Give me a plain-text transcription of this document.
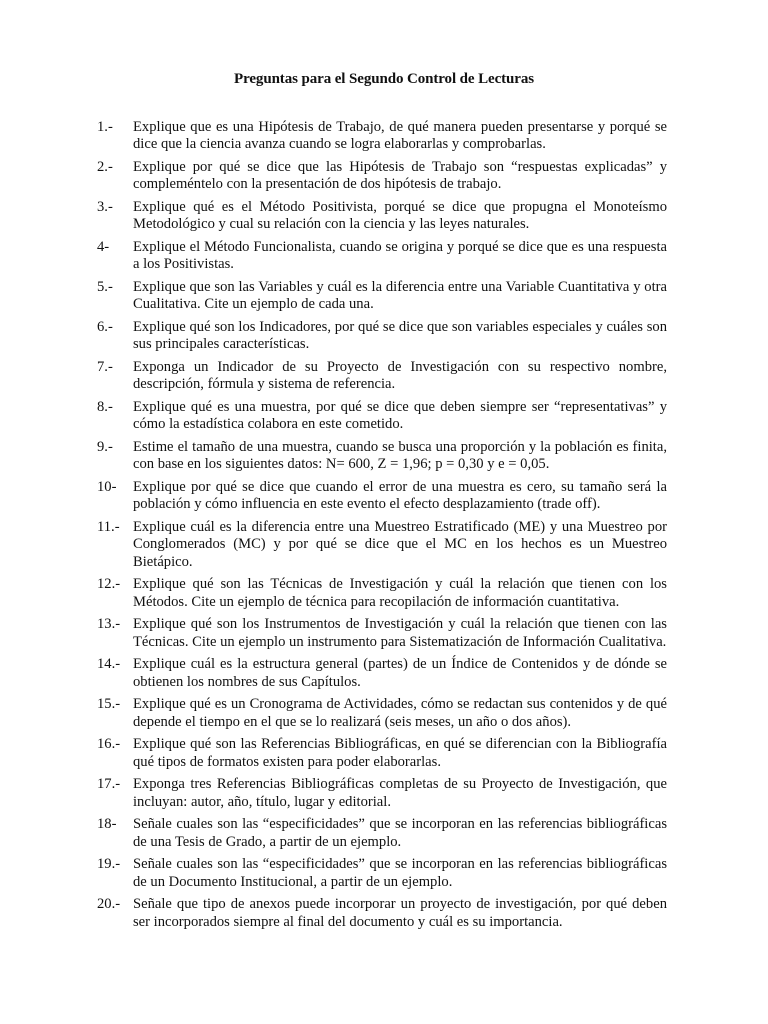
Preguntas para el Segundo Control de Lecturas
1.-	Explique que es una Hipótesis de Trabajo, de qué manera pueden presentarse y porqué se dice que la ciencia avanza cuando se logra elaborarlas y comprobarlas.
2.-	Explique por qué se dice que las Hipótesis de Trabajo son “respuestas explicadas” y compleméntelo con la presentación de dos hipótesis de trabajo.
3.-	Explique qué es el Método Positivista, porqué se dice que propugna el Monoteísmo Metodológico y cual su relación con la ciencia y las leyes naturales.
4-	Explique el Método Funcionalista, cuando se origina y porqué se dice que es una respuesta a los Positivistas.
5.-	Explique que son las Variables y cuál es la diferencia entre una Variable Cuantitativa y otra Cualitativa. Cite un ejemplo de cada una.
6.-	Explique qué son los Indicadores, por qué se dice que son variables especiales y cuáles son sus principales características.
7.-	Exponga un Indicador de su Proyecto de Investigación con su respectivo nombre, descripción, fórmula y sistema de referencia.
8.-	Explique qué es una muestra, por qué se dice que deben siempre ser “representativas” y cómo la estadística colabora en este cometido.
9.-	Estime el tamaño de una muestra, cuando se busca una proporción y la población es finita, con base en los siguientes datos: N= 600, Z = 1,96; p = 0,30 y e = 0,05.
10-	Explique por qué se dice que cuando el error de una muestra es cero, su tamaño será la población y cómo influencia en este evento el efecto desplazamiento (trade off).
11.- Explique cuál es la diferencia entre una Muestreo Estratificado (ME) y una Muestreo por Conglomerados (MC) y por qué se dice que el MC en los hechos es un Muestreo Bietápico.
12.- Explique qué son las Técnicas de Investigación y cuál la relación que tienen con los Métodos. Cite un ejemplo de técnica para recopilación de información cuantitativa.
13.- Explique qué son los Instrumentos de Investigación y cuál la relación que tienen con las Técnicas. Cite un ejemplo un instrumento para Sistematización de Información Cualitativa.
14.- Explique cuál es la estructura general (partes) de un Índice de Contenidos y de dónde se obtienen los nombres de sus Capítulos.
15.- Explique qué es un Cronograma de Actividades, cómo se redactan sus contenidos y de qué depende el tiempo en el que se lo realizará (seis meses, un año o dos años).
16.- Explique qué son las Referencias Bibliográficas, en qué se diferencian con la Bibliografía qué tipos de formatos existen para poder elaborarlas.
17.- Exponga tres Referencias Bibliográficas completas de su Proyecto de Investigación, que incluyan: autor, año, título, lugar y editorial.
18-	Señale cuales son las “especificidades” que se incorporan en las referencias bibliográficas de una Tesis de Grado, a partir de un ejemplo.
19.- Señale cuales son las “especificidades” que se incorporan en las referencias bibliográficas de un Documento Institucional, a partir de un ejemplo.
20.- Señale que tipo de anexos puede incorporar un proyecto de investigación, por qué deben ser incorporados siempre al final del documento y cuál es su importancia.
